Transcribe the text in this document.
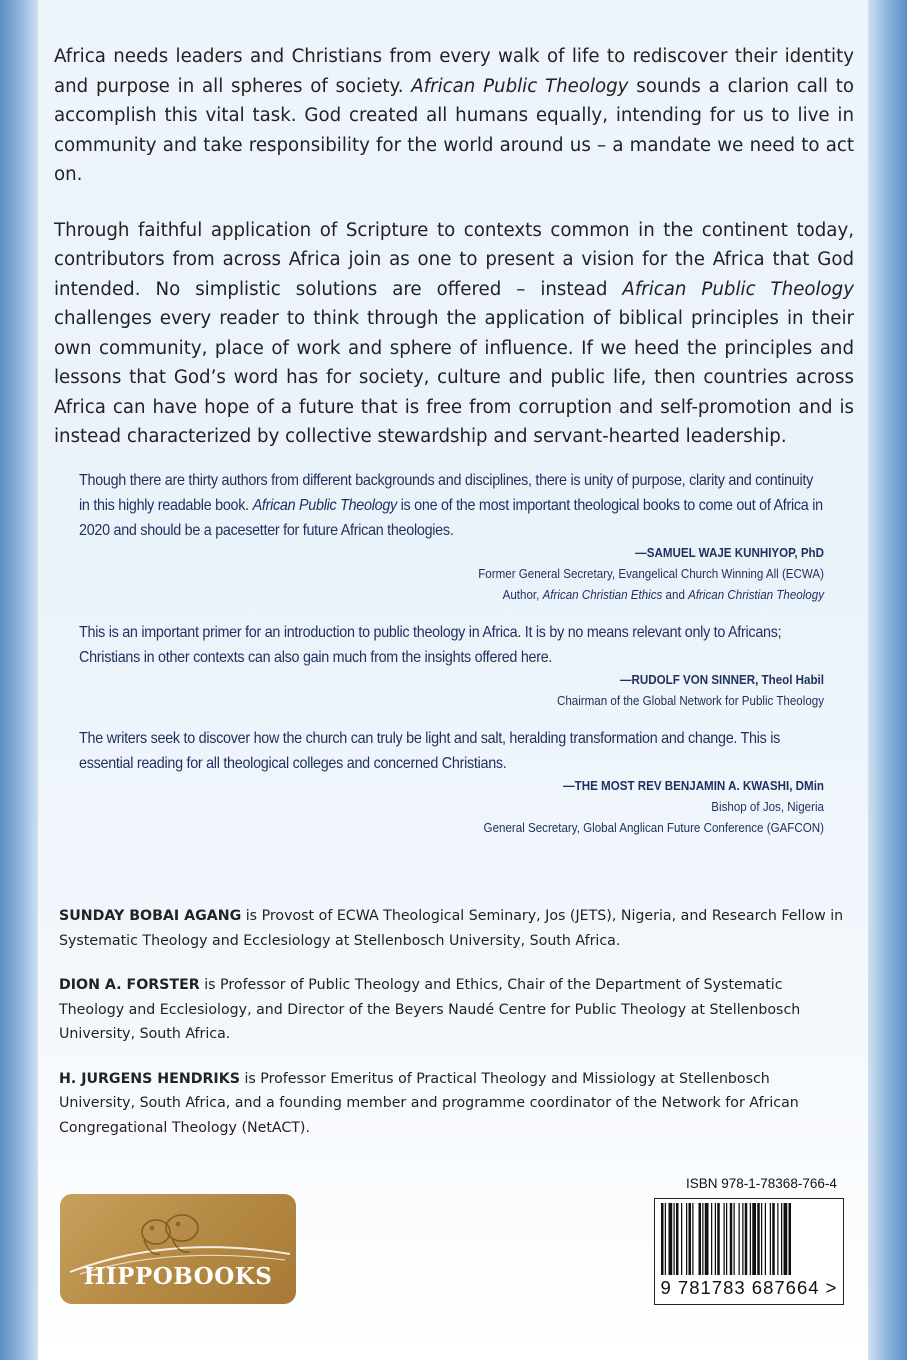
Africa needs leaders and Christians from every walk of life to rediscover their identity and purpose in all spheres of society. African Public Theology sounds a clarion call to accomplish this vital task. God created all humans equally, intending for us to live in community and take responsibility for the world around us – a mandate we need to act on.

Through faithful application of Scripture to contexts common in the continent today, contributors from across Africa join as one to present a vision for the Africa that God intended. No simplistic solutions are offered – instead African Public Theology challenges every reader to think through the application of biblical principles in their own community, place of work and sphere of influence. If we heed the principles and lessons that God’s word has for society, culture and public life, then countries across Africa can have hope of a future that is free from corruption and self-promotion and is instead characterized by collective stewardship and servant-hearted leadership.

Though there are thirty authors from different backgrounds and disciplines, there is unity of purpose, clarity and continuity in this highly readable book. African Public Theology is one of the most important theological books to come out of Africa in 2020 and should be a pacesetter for future African theologies.

—SAMUEL WAJE KUNHIYOP, PhD
Former General Secretary, Evangelical Church Winning All (ECWA)
Author, African Christian Ethics and African Christian Theology

This is an important primer for an introduction to public theology in Africa. It is by no means relevant only to Africans; Christians in other contexts can also gain much from the insights offered here.

—RUDOLF VON SINNER, Theol Habil
Chairman of the Global Network for Public Theology

The writers seek to discover how the church can truly be light and salt, heralding transformation and change. This is essential reading for all theological colleges and concerned Christians.

—THE MOST REV BENJAMIN A. KWASHI, DMin
Bishop of Jos, Nigeria
General Secretary, Global Anglican Future Conference (GAFCON)

SUNDAY BOBAI AGANG is Provost of ECWA Theological Seminary, Jos (JETS), Nigeria, and Research Fellow in Systematic Theology and Ecclesiology at Stellenbosch University, South Africa.

DION A. FORSTER is Professor of Public Theology and Ethics, Chair of the Department of Systematic Theology and Ecclesiology, and Director of the Beyers Naudé Centre for Public Theology at Stellenbosch University, South Africa.

H. JURGENS HENDRIKS is Professor Emeritus of Practical Theology and Missiology at Stellenbosch University, South Africa, and a founding member and programme coordinator of the Network for African Congregational Theology (NetACT).

HIPPOBOOKS
ISBN 978-1-78368-766-4
9 781783 687664 >
